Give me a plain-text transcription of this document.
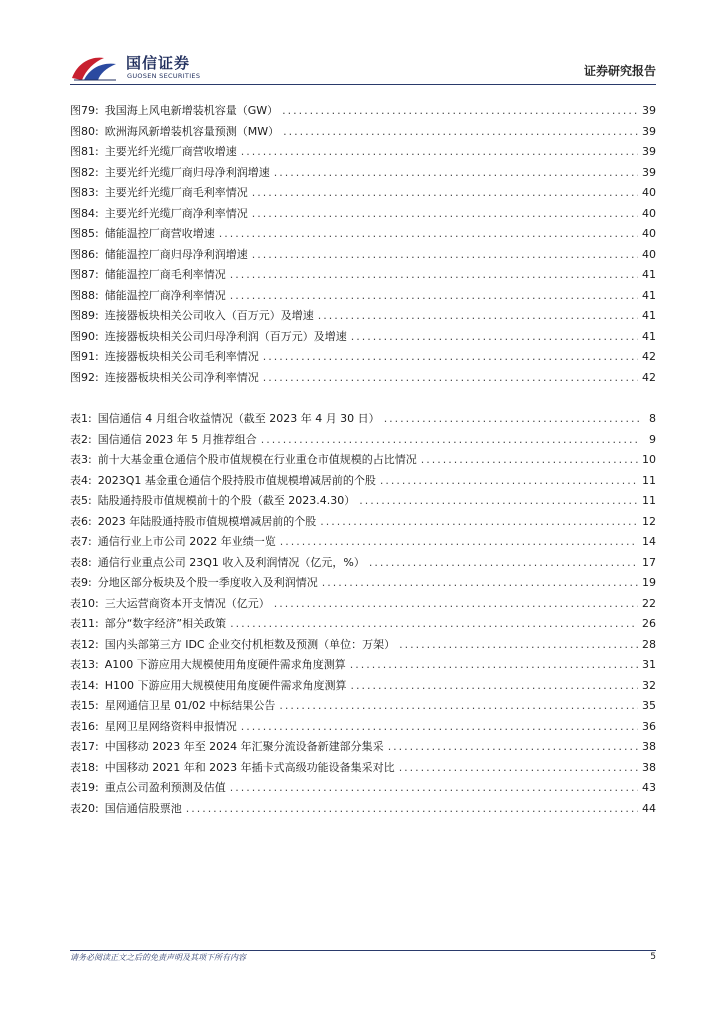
国信证券
GUOSEN SECURITIES	证券研究报告
图79: 我国海上风电新增装机容量（GW） .....	39
图80: 欧洲海风新增装机容量预测（MW） .....	39
图81: 主要光纤光缆厂商营收增速 .....	39
图82: 主要光纤光缆厂商归母净利润增速 .....	39
图83: 主要光纤光缆厂商毛利率情况 .....	40
图84: 主要光纤光缆厂商净利率情况 .....	40
图85: 储能温控厂商营收增速 .....	40
图86: 储能温控厂商归母净利润增速 .....	40
图87: 储能温控厂商毛利率情况 .....	41
图88: 储能温控厂商净利率情况 .....	41
图89: 连接器板块相关公司收入（百万元）及增速 .....	41
图90: 连接器板块相关公司归母净利润（百万元）及增速 .....	41
图91: 连接器板块相关公司毛利率情况 .....	42
图92: 连接器板块相关公司净利率情况 .....	42
表1: 国信通信 4 月组合收益情况（截至 2023 年 4 月 30 日） .....	8
表2: 国信通信 2023 年 5 月推荐组合 .....	9
表3: 前十大基金重仓通信个股市值规模在行业重仓市值规模的占比情况 .....	10
表4: 2023Q1 基金重仓通信个股持股市值规模增减居前的个股 .....	11
表5: 陆股通持股市值规模前十的个股（截至 2023.4.30） .....	11
表6: 2023 年陆股通持股市值规模增减居前的个股 .....	12
表7: 通信行业上市公司 2022 年业绩一览 .....	14
表8: 通信行业重点公司 23Q1 收入及利润情况（亿元，%） .....	17
表9: 分地区部分板块及个股一季度收入及利润情况 .....	19
表10: 三大运营商资本开支情况（亿元） .....	22
表11: 部分“数字经济”相关政策 .....	26
表12: 国内头部第三方 IDC 企业交付机柜数及预测（单位：万架） .....	28
表13: A100 下游应用大规模使用角度硬件需求角度测算 .....	31
表14: H100 下游应用大规模使用角度硬件需求角度测算 .....	32
表15: 星网通信卫星 01/02 中标结果公告 .....	35
表16: 星网卫星网络资料申报情况 .....	36
表17: 中国移动 2023 年至 2024 年汇聚分流设备新建部分集采 .....	38
表18: 中国移动 2021 年和 2023 年插卡式高级功能设备集采对比 .....	38
表19: 重点公司盈利预测及估值 .....	43
表20: 国信通信股票池 .....	44
请务必阅读正文之后的免责声明及其项下所有内容	5
